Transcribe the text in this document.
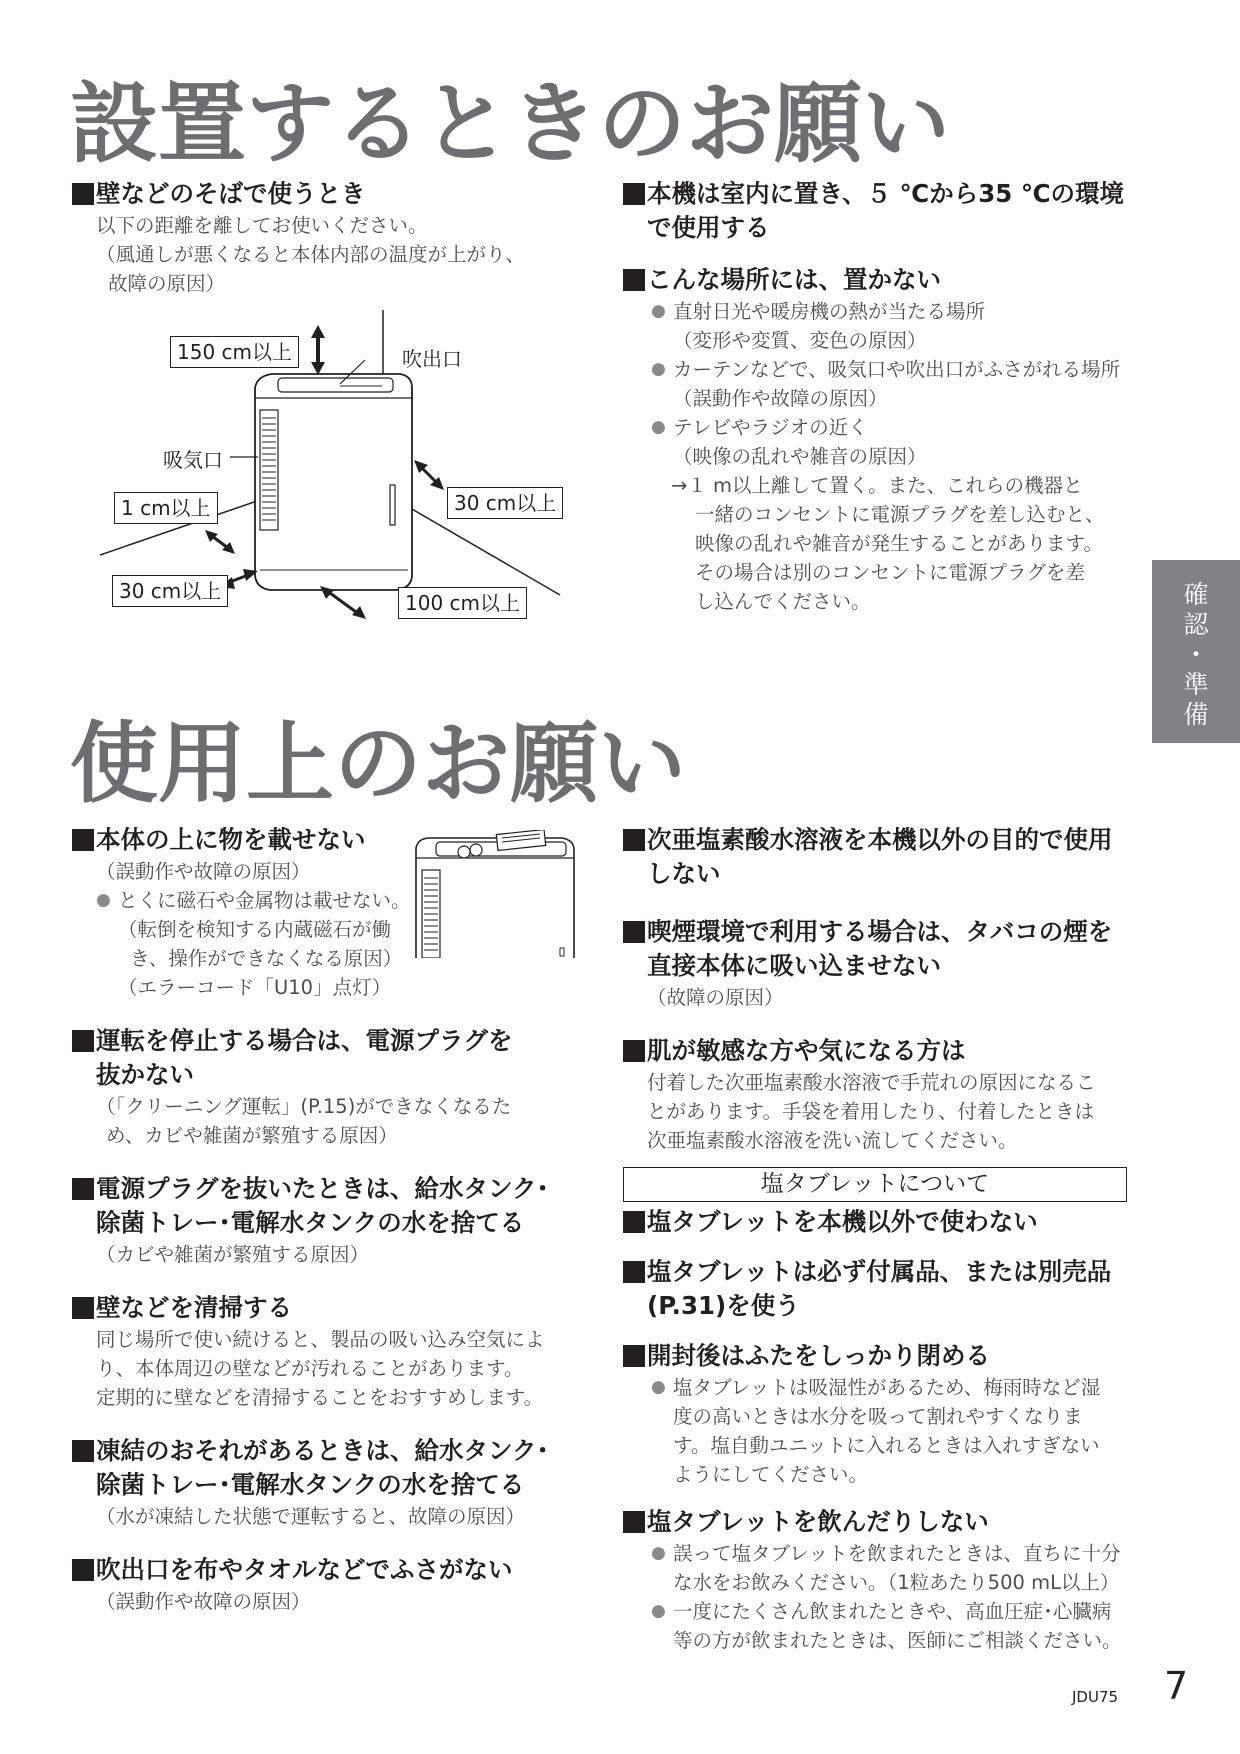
設置するときのお願い
使用上のお願い
確
認
・
準
備
壁などのそばで使うとき
以下の距離を離してお使いください。
（風通しが悪くなると本体内部の温度が上がり、
故障の原因）
150 cm以上	吹出口
吸気口
1 cm以上	30 cm以上
30 cm以上	100 cm以上
本機は室内に置き、５ ℃から35 ℃の環境
で使用する
こんな場所には、置かない
● 直射日光や暖房機の熱が当たる場所
（変形や変質、変色の原因）
● カーテンなどで、吸気口や吹出口がふさがれる場所
（誤動作や故障の原因）
● テレビやラジオの近く
（映像の乱れや雑音の原因）
→１ m以上離して置く。また、これらの機器と
一緒のコンセントに電源プラグを差し込むと、
映像の乱れや雑音が発生することがあります。
その場合は別のコンセントに電源プラグを差
し込んでください。
本体の上に物を載せない
（誤動作や故障の原因）
● とくに磁石や金属物は載せない。
（転倒を検知する内蔵磁石が働
き、操作ができなくなる原因）
（エラーコード「U10」点灯）
運転を停止する場合は、電源プラグを
抜かない
（「クリーニング運転」(P.15)ができなくなるた
め、カビや雑菌が繁殖する原因）
電源プラグを抜いたときは、給水タンク･
除菌トレー･電解水タンクの水を捨てる
（カビや雑菌が繁殖する原因）
壁などを清掃する
同じ場所で使い続けると、製品の吸い込み空気によ
り、本体周辺の壁などが汚れることがあります。
定期的に壁などを清掃することをおすすめします。
凍結のおそれがあるときは、給水タンク･
除菌トレー･電解水タンクの水を捨てる
（水が凍結した状態で運転すると、故障の原因）
吹出口を布やタオルなどでふさがない
（誤動作や故障の原因）
次亜塩素酸水溶液を本機以外の目的で使用
しない
喫煙環境で利用する場合は、タバコの煙を
直接本体に吸い込ませない
（故障の原因）
肌が敏感な方や気になる方は
付着した次亜塩素酸水溶液で手荒れの原因になるこ
とがあります。手袋を着用したり、付着したときは
次亜塩素酸水溶液を洗い流してください。
塩タブレットについて
塩タブレットを本機以外で使わない
塩タブレットは必ず付属品、または別売品
(P.31)を使う
開封後はふたをしっかり閉める
● 塩タブレットは吸湿性があるため、梅雨時など湿
度の高いときは水分を吸って割れやすくなりま
す。塩自動ユニットに入れるときは入れすぎない
ようにしてください。
塩タブレットを飲んだりしない
● 誤って塩タブレットを飲まれたときは、直ちに十分
な水をお飲みください。（1粒あたり500 mL以上）
● 一度にたくさん飲まれたときや、高血圧症･心臓病
等の方が飲まれたときは、医師にご相談ください。
JDU75 7
